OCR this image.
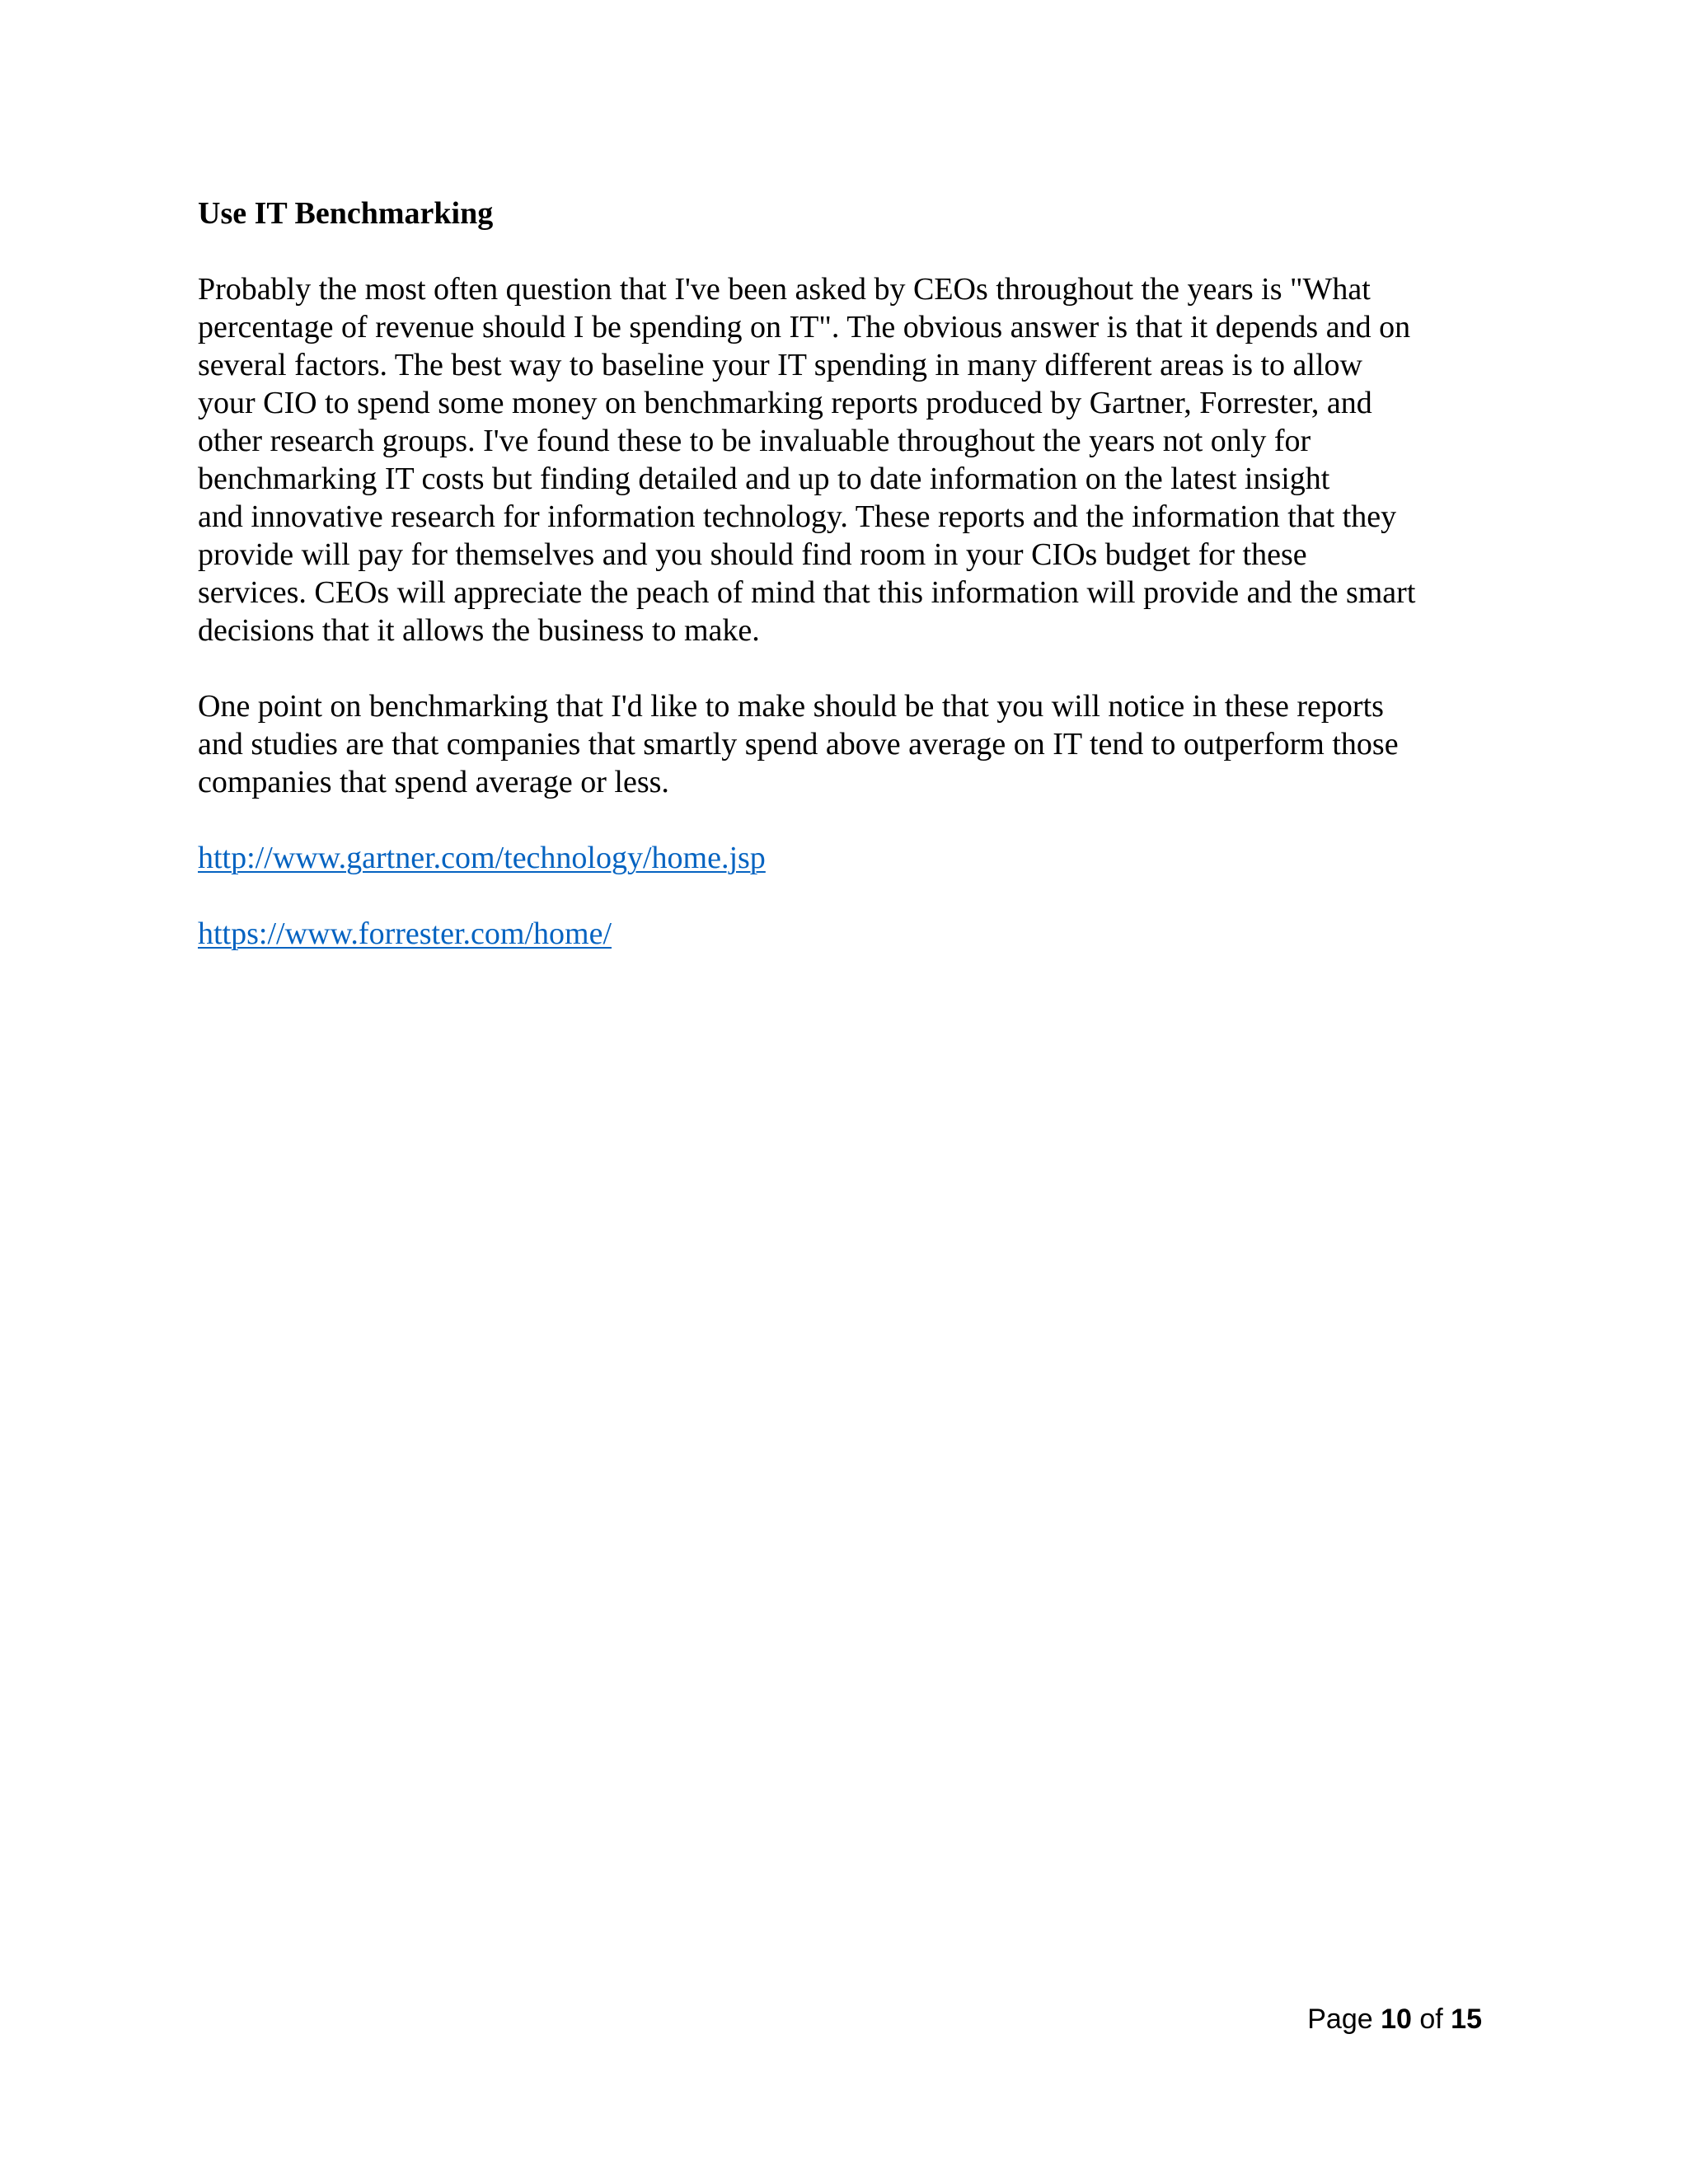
Use IT Benchmarking
Probably the most often question that I've been asked by CEOs throughout the years is "What
percentage of revenue should I be spending on IT". The obvious answer is that it depends and on
several factors. The best way to baseline your IT spending in many different areas is to allow
your CIO to spend some money on benchmarking reports produced by Gartner, Forrester, and
other research groups. I've found these to be invaluable throughout the years not only for
benchmarking IT costs but finding detailed and up to date information on the latest insight
and innovative research for information technology. These reports and the information that they
provide will pay for themselves and you should find room in your CIOs budget for these
services. CEOs will appreciate the peach of mind that this information will provide and the smart
decisions that it allows the business to make.
One point on benchmarking that I'd like to make should be that you will notice in these reports
and studies are that companies that smartly spend above average on IT tend to outperform those
companies that spend average or less.
http://www.gartner.com/technology/home.jsp
https://www.forrester.com/home/
Page 10 of 15
